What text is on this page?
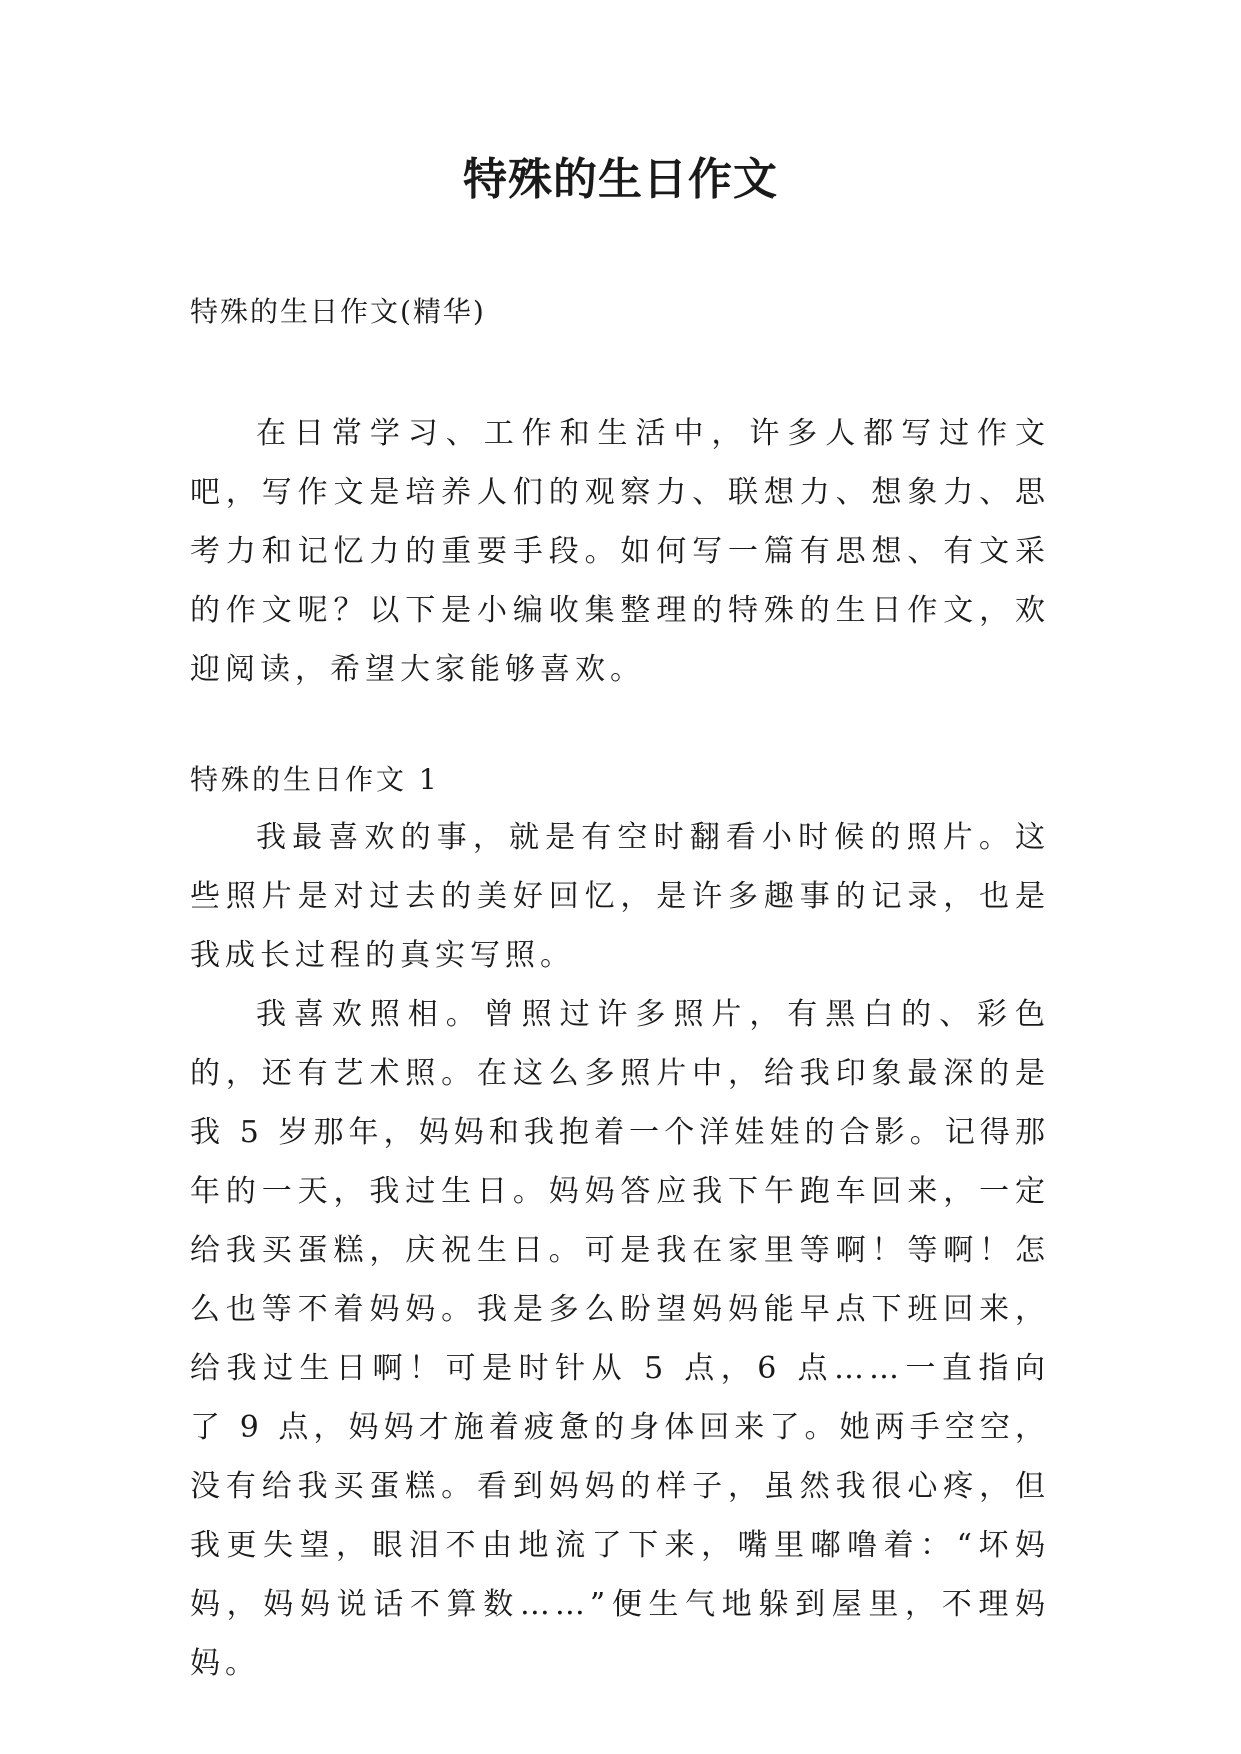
特殊的生日作文
特殊的生日作文(精华)

在日常学习、工作和生活中，许多人都写过作文吧，写作文是培养人们的观察力、联想力、想象力、思考力和记忆力的重要手段。如何写一篇有思想、有文采的作文呢？以下是小编收集整理的特殊的生日作文，欢迎阅读，希望大家能够喜欢。

特殊的生日作文 1

我最喜欢的事，就是有空时翻看小时候的照片。这些照片是对过去的美好回忆，是许多趣事的记录，也是我成长过程的真实写照。

我喜欢照相。曾照过许多照片，有黑白的、彩色的，还有艺术照。在这么多照片中，给我印象最深的是我 5 岁那年，妈妈和我抱着一个洋娃娃的合影。记得那年的一天，我过生日。妈妈答应我下午跑车回来，一定给我买蛋糕，庆祝生日。可是我在家里等啊！等啊！怎么也等不着妈妈。我是多么盼望妈妈能早点下班回来，给我过生日啊！可是时针从 5 点，6 点……一直指向了 9 点，妈妈才施着疲惫的身体回来了。她两手空空，没有给我买蛋糕。看到妈妈的样子，虽然我很心疼，但我更失望，眼泪不由地流了下来，嘴里嘟噜着：“坏妈妈，妈妈说话不算数……”便生气地躲到屋里，不理妈妈。
